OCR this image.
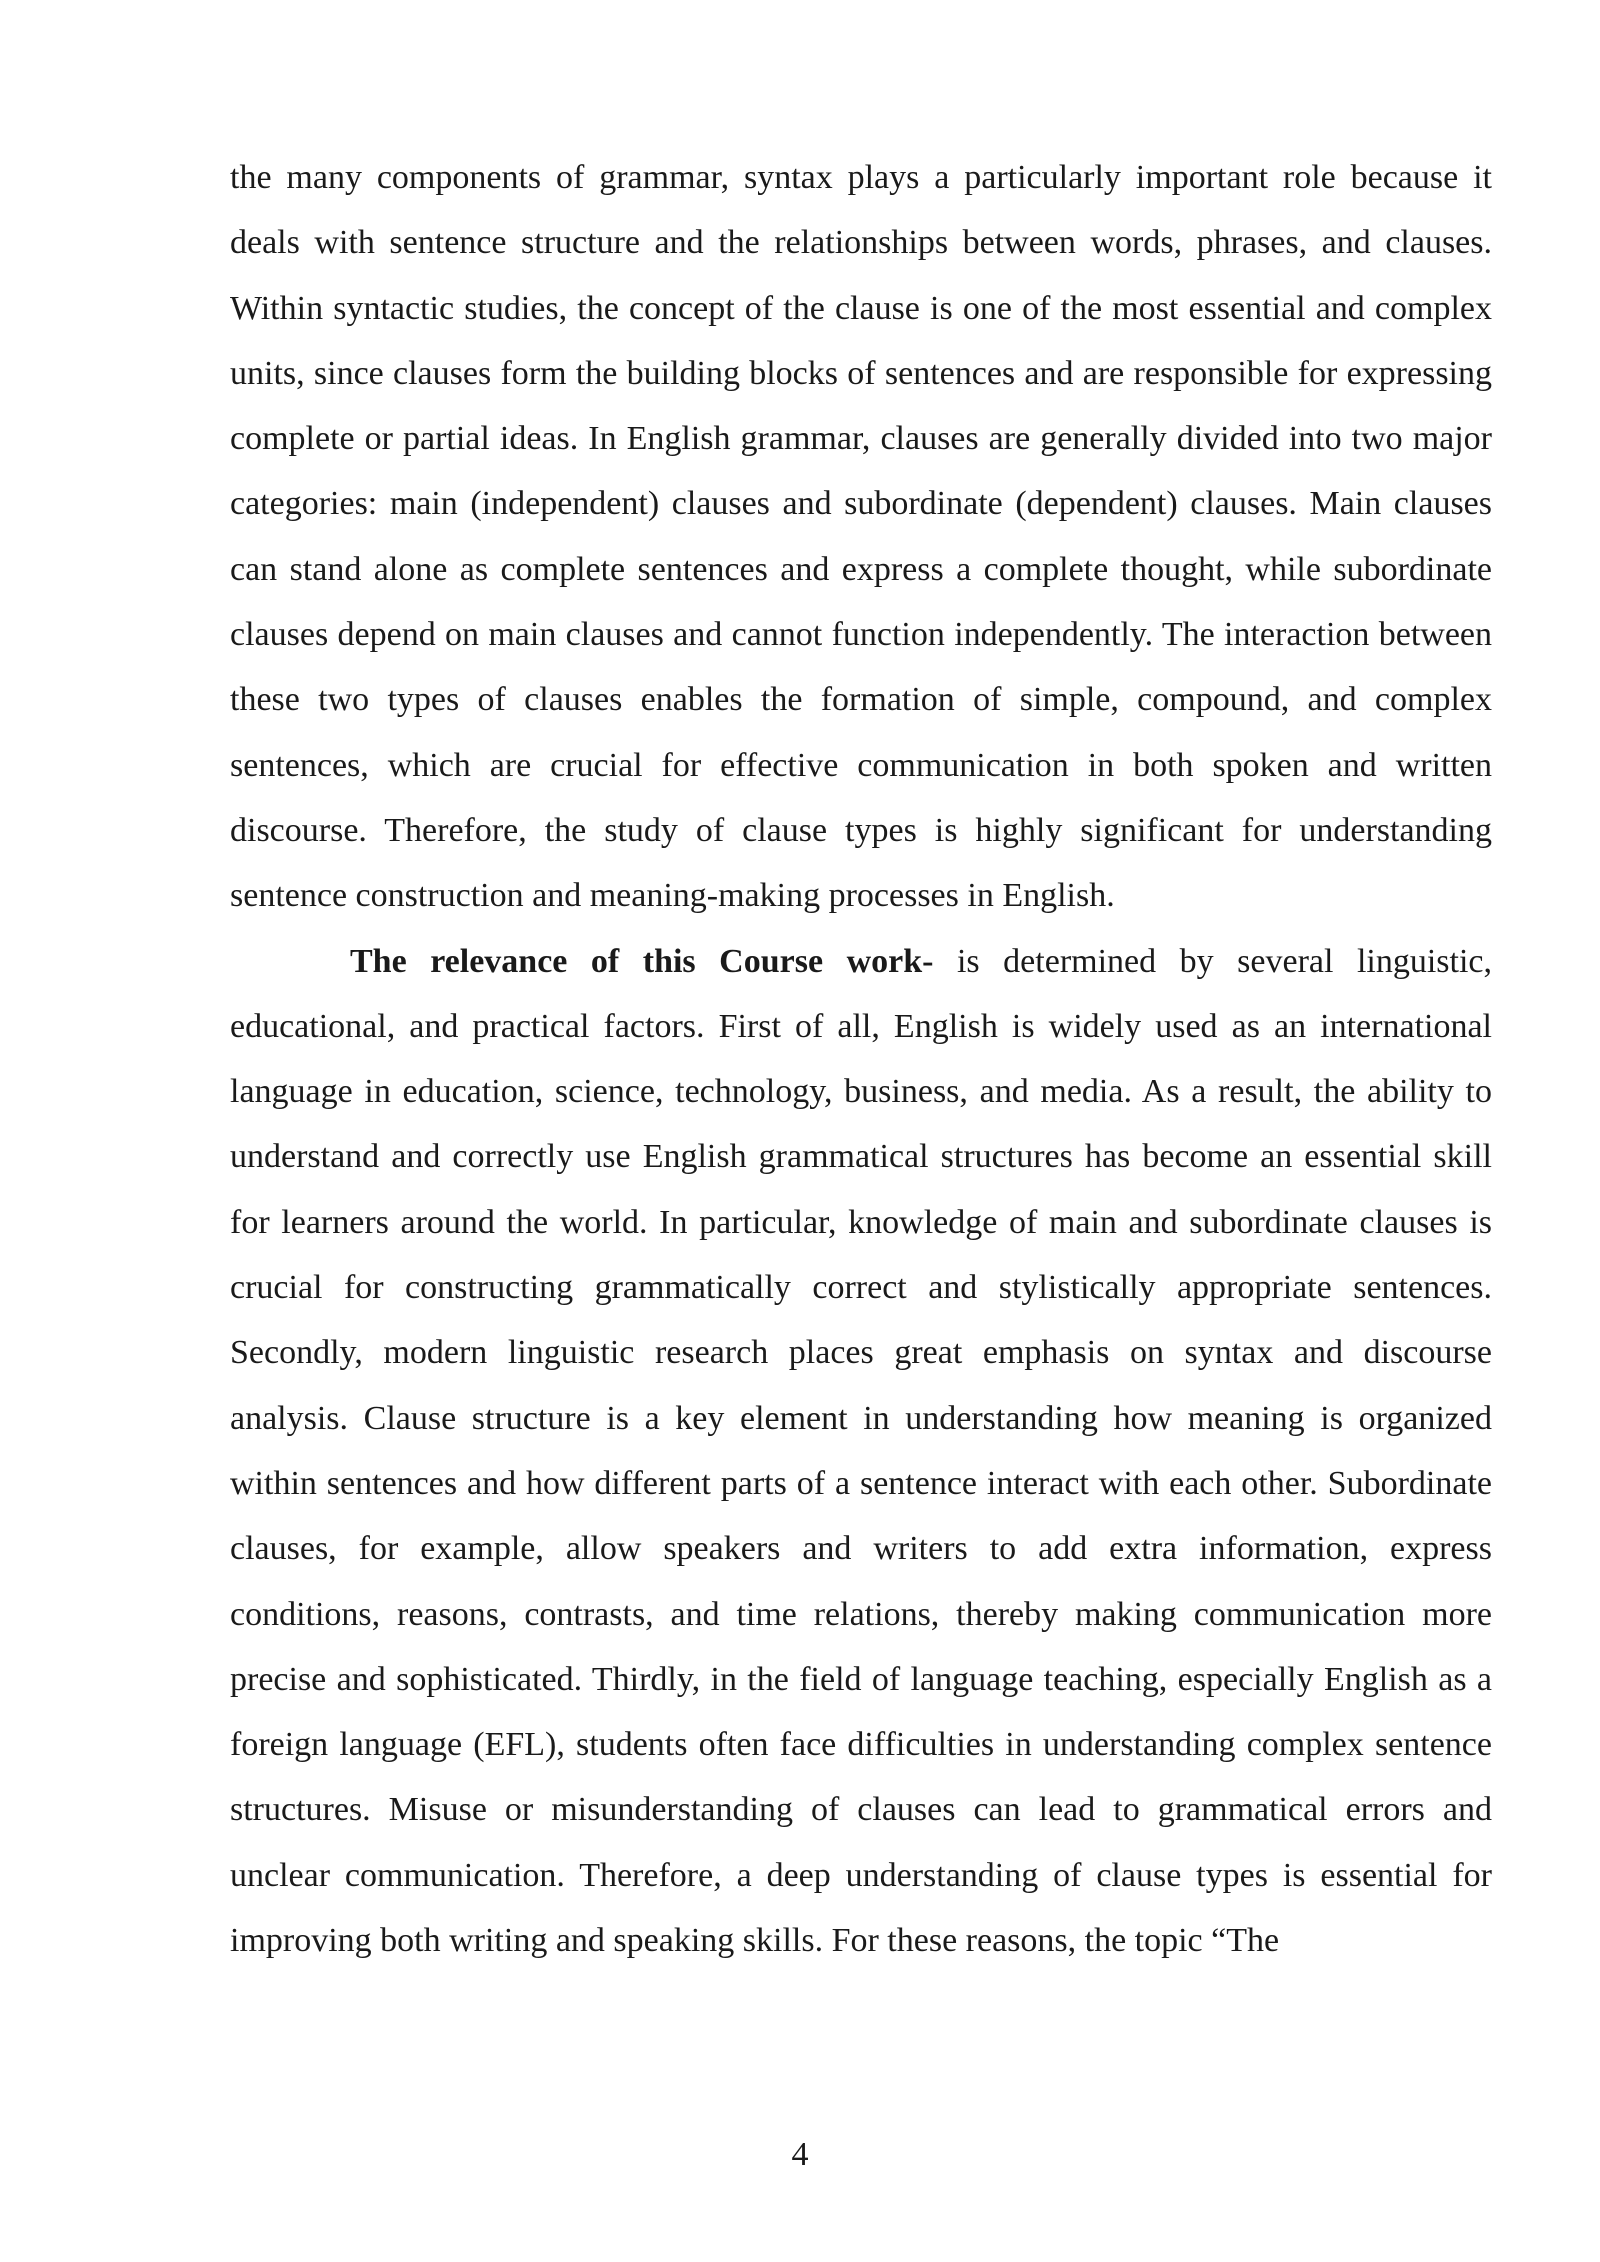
the many components of grammar, syntax plays a particularly important role because it deals with sentence structure and the relationships between words, phrases, and clauses. Within syntactic studies, the concept of the clause is one of the most essential and complex units, since clauses form the building blocks of sentences and are responsible for expressing complete or partial ideas. In English grammar, clauses are generally divided into two major categories: main (independent) clauses and subordinate (dependent) clauses. Main clauses can stand alone as complete sentences and express a complete thought, while subordinate clauses depend on main clauses and cannot function independently. The interaction between these two types of clauses enables the formation of simple, compound, and complex sentences, which are crucial for effective communication in both spoken and written discourse. Therefore, the study of clause types is highly significant for understanding sentence construction and meaning-making processes in English.

The relevance of this Course work- is determined by several linguistic, educational, and practical factors. First of all, English is widely used as an international language in education, science, technology, business, and media. As a result, the ability to understand and correctly use English grammatical structures has become an essential skill for learners around the world. In particular, knowledge of main and subordinate clauses is crucial for constructing grammatically correct and stylistically appropriate sentences. Secondly, modern linguistic research places great emphasis on syntax and discourse analysis. Clause structure is a key element in understanding how meaning is organized within sentences and how different parts of a sentence interact with each other. Subordinate clauses, for example, allow speakers and writers to add extra information, express conditions, reasons, contrasts, and time relations, thereby making communication more precise and sophisticated. Thirdly, in the field of language teaching, especially English as a foreign language (EFL), students often face difficulties in understanding complex sentence structures. Misuse or misunderstanding of clauses can lead to grammatical errors and unclear communication. Therefore, a deep understanding of clause types is essential for improving both writing and speaking skills. For these reasons, the topic “The

4
